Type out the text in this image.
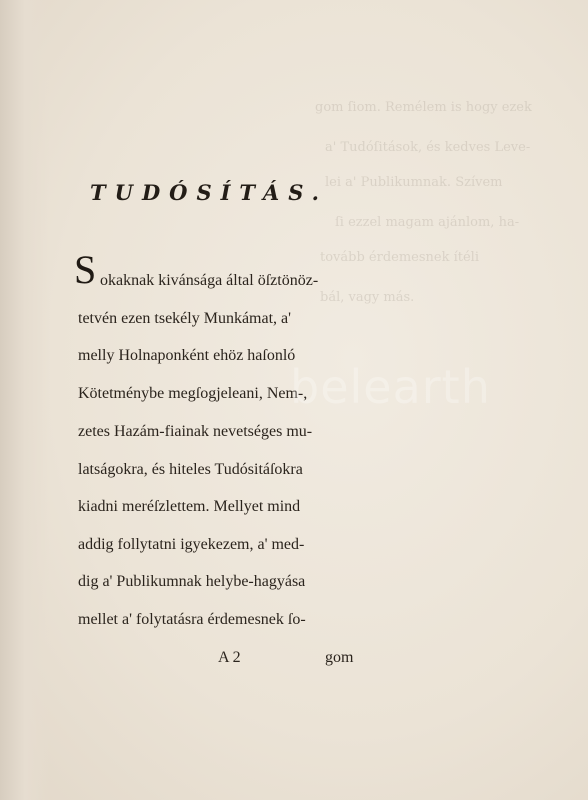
gom ſiom. Remélem is hogy ezek
a' Tudóſitások, és kedves Leve-
lei a' Publikumnak. Szívem
ſi ezzel magam ajánlom, ha-
tovább érdemesnek ítéli
bál, vagy más.
TUDÓSÍTÁS.
S okaknak kivánsága által öſztönöz-
tetvén ezen tsekély Munkámat, a'
melly Holnaponként ehöz haſonló
Kötetménybe megſogjeleani, Nem-,
zetes Hazám-fiainak nevetséges mu-
latságokra, és hiteles Tudósitáſokra
kiadni meréſzlettem. Mellyet mind
addig follytatni igyekezem, a' med-
dig a' Publikumnak helybe-hagyása
mellet a' folytatásra érdemesnek ſo-
A 2	gom
belearth
